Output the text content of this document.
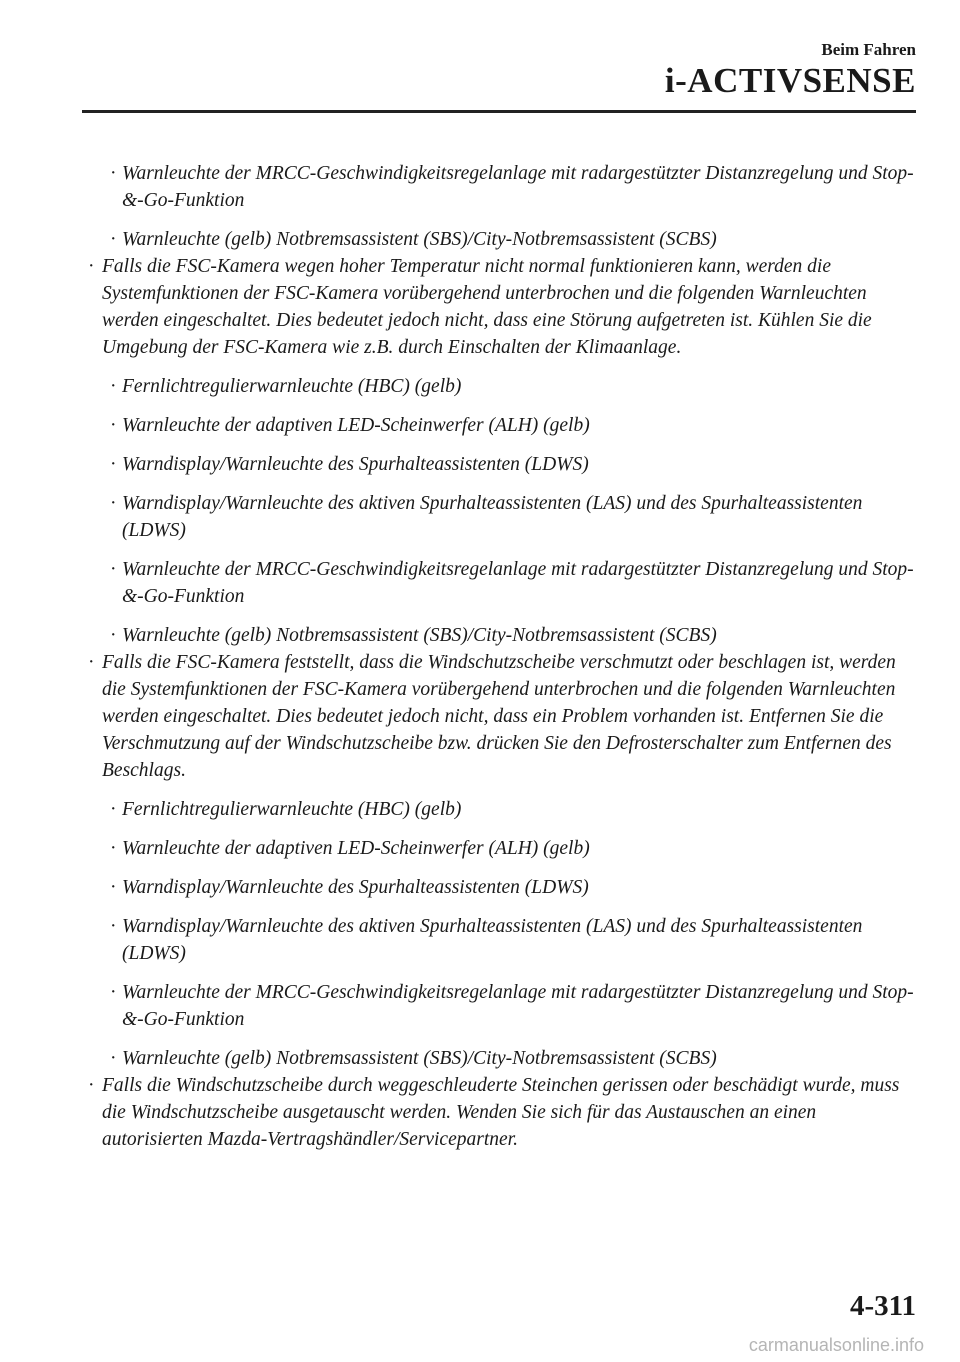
Beim Fahren
i-ACTIVSENSE
· Warnleuchte der MRCC-Geschwindigkeitsregelanlage mit radargestützter Distanzregelung und Stop-&-Go-Funktion
· Warnleuchte (gelb) Notbremsassistent (SBS)/City-Notbremsassistent (SCBS)
· Falls die FSC-Kamera wegen hoher Temperatur nicht normal funktionieren kann, werden die Systemfunktionen der FSC-Kamera vorübergehend unterbrochen und die folgenden Warnleuchten werden eingeschaltet. Dies bedeutet jedoch nicht, dass eine Störung aufgetreten ist. Kühlen Sie die Umgebung der FSC-Kamera wie z.B. durch Einschalten der Klimaanlage.
· Fernlichtregulierwarnleuchte (HBC) (gelb)
· Warnleuchte der adaptiven LED-Scheinwerfer (ALH) (gelb)
· Warndisplay/Warnleuchte des Spurhalteassistenten (LDWS)
· Warndisplay/Warnleuchte des aktiven Spurhalteassistenten (LAS) und des Spurhalteassistenten (LDWS)
· Warnleuchte der MRCC-Geschwindigkeitsregelanlage mit radargestützter Distanzregelung und Stop-&-Go-Funktion
· Warnleuchte (gelb) Notbremsassistent (SBS)/City-Notbremsassistent (SCBS)
· Falls die FSC-Kamera feststellt, dass die Windschutzscheibe verschmutzt oder beschlagen ist, werden die Systemfunktionen der FSC-Kamera vorübergehend unterbrochen und die folgenden Warnleuchten werden eingeschaltet. Dies bedeutet jedoch nicht, dass ein Problem vorhanden ist. Entfernen Sie die Verschmutzung auf der Windschutzscheibe bzw. drücken Sie den Defrosterschalter zum Entfernen des Beschlags.
· Fernlichtregulierwarnleuchte (HBC) (gelb)
· Warnleuchte der adaptiven LED-Scheinwerfer (ALH) (gelb)
· Warndisplay/Warnleuchte des Spurhalteassistenten (LDWS)
· Warndisplay/Warnleuchte des aktiven Spurhalteassistenten (LAS) und des Spurhalteassistenten (LDWS)
· Warnleuchte der MRCC-Geschwindigkeitsregelanlage mit radargestützter Distanzregelung und Stop-&-Go-Funktion
· Warnleuchte (gelb) Notbremsassistent (SBS)/City-Notbremsassistent (SCBS)
· Falls die Windschutzscheibe durch weggeschleuderte Steinchen gerissen oder beschädigt wurde, muss die Windschutzscheibe ausgetauscht werden. Wenden Sie sich für das Austauschen an einen autorisierten Mazda-Vertragshändler/Servicepartner.
4-311
carmanualsonline.info
